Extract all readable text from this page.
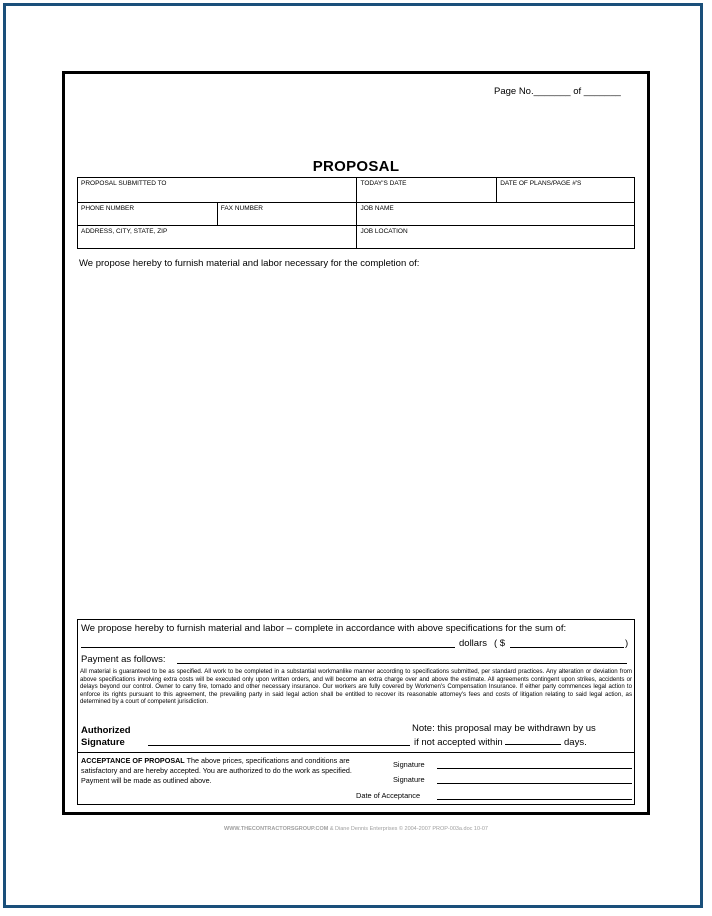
Page No._______ of _______
PROPOSAL
PROPOSAL SUBMITTED TO		TODAY'S DATE	DATE OF PLANS/PAGE #'S
PHONE NUMBER	FAX NUMBER	JOB NAME	
ADDRESS, CITY, STATE, ZIP		JOB LOCATION	
We propose hereby to furnish material and labor necessary for the completion of:
We propose hereby to furnish material and labor – complete in accordance with above specifications for the sum of:
dollars ( $	)
Payment as follows:
All material is guaranteed to be as specified. All work to be completed in a substantial workmanlike manner according to specifications submitted, per standard practices. Any alteration or deviation from above specifications involving extra costs will be executed only upon written orders, and will become an extra charge over and above the estimate. All agreements contingent upon strikes, accidents or delays beyond our control. Owner to carry fire, tornado and other necessary insurance. Our workers are fully covered by Workmen's Compensation Insurance. If either party commences legal action to enforce its rights pursuant to this agreement, the prevailing party in said legal action shall be entitled to recover its reasonable attorney's fees and costs of litigation relating to said legal action, as determined by a court of competent jurisdiction.
Authorized
Signature
Note: this proposal may be withdrawn by us
if not accepted within	days.
ACCEPTANCE OF PROPOSAL The above prices, specifications and conditions are satisfactory and are hereby accepted. You are authorized to do the work as specified. Payment will be made as outlined above.
Signature
Signature
Date of Acceptance
WWW.THECONTRACTORSGROUP.COM & Diane Dennis Enterprises © 2004-2007 PROP-003a.doc 10-07
